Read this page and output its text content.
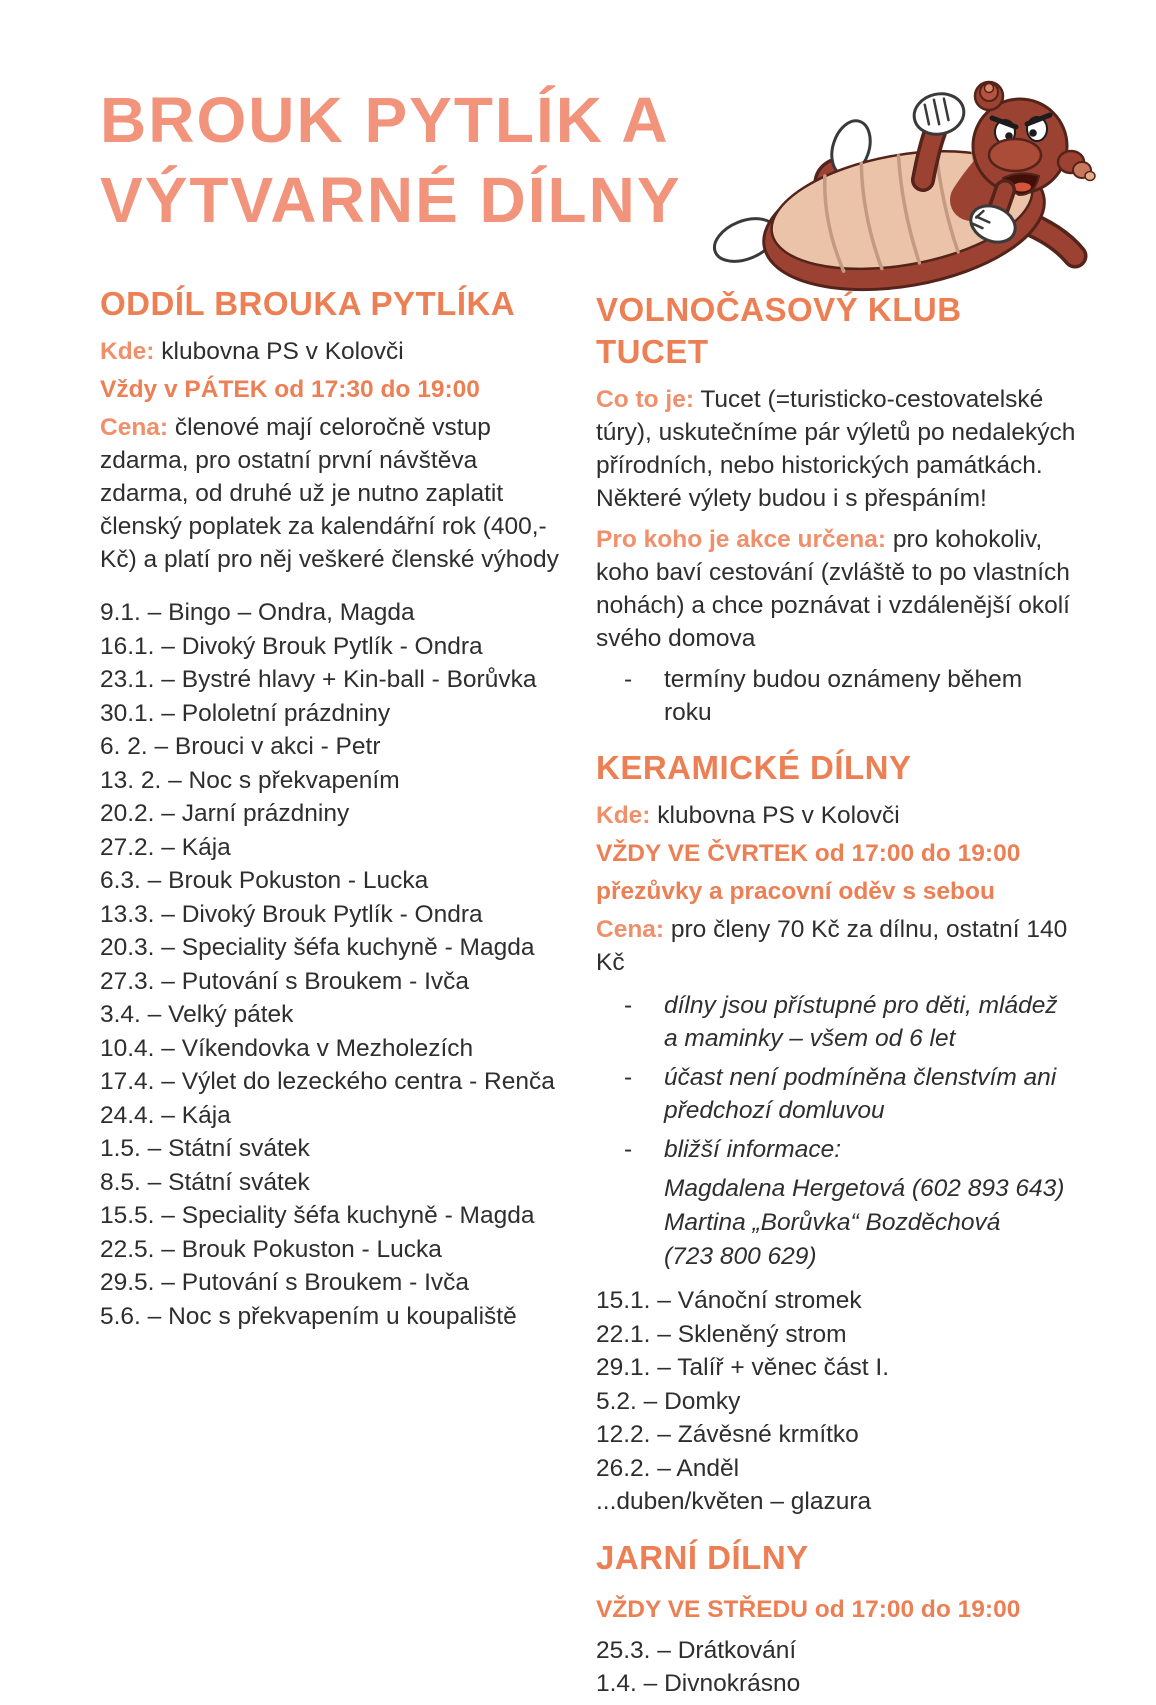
BROUK PYTLÍK A
VÝTVARNÉ DÍLNY
ODDÍL BROUKA PYTLÍKA

Kde: klubovna PS v Kolovči

Vždy v PÁTEK od 17:30 do 19:00

Cena: členové mají celoročně vstup zdarma, pro ostatní první návštěva zdarma, od druhé už je nutno zaplatit členský poplatek za kalendářní rok (400,- Kč) a platí pro něj veškeré členské výhody

9.1. – Bingo – Ondra, Magda
16.1. – Divoký Brouk Pytlík - Ondra
23.1. – Bystré hlavy + Kin-ball - Borůvka
30.1. – Pololetní prázdniny
6. 2. – Brouci v akci - Petr
13. 2. – Noc s překvapením
20.2. – Jarní prázdniny
27.2. – Kája
6.3. – Brouk Pokuston - Lucka
13.3. – Divoký Brouk Pytlík - Ondra
20.3. – Speciality šéfa kuchyně - Magda
27.3. – Putování s Broukem - Ivča
3.4. – Velký pátek
10.4. – Víkendovka v Mezholezích
17.4. – Výlet do lezeckého centra - Renča
24.4. – Kája
1.5. – Státní svátek
8.5. – Státní svátek
15.5. – Speciality šéfa kuchyně - Magda
22.5. – Brouk Pokuston - Lucka
29.5. – Putování s Broukem - Ivča
5.6. – Noc s překvapením u koupaliště
VOLNOČASOVÝ KLUB
TUCET

Co to je: Tucet (=turisticko-cestovatelské túry), uskutečníme pár výletů po nedalekých přírodních, nebo historických památkách. Některé výlety budou i s přespáním!

Pro koho je akce určena: pro kohokoliv, koho baví cestování (zvláště to po vlastních nohách) a chce poznávat i vzdálenější okolí svého domova

- termíny budou oznámeny během roku
KERAMICKÉ DÍLNY

Kde: klubovna PS v Kolovči

VŽDY VE ČVRTEK od 17:00 do 19:00

přezůvky a pracovní oděv s sebou

Cena: pro členy 70 Kč za dílnu, ostatní 140 Kč

- dílny jsou přístupné pro děti, mládež a maminky – všem od 6 let
- účast není podmíněna členstvím ani předchozí domluvou
- bližší informace:
Magdalena Hergetová (602 893 643)
Martina „Borůvka“ Bozděchová
(723 800 629)
15.1. – Vánoční stromek
22.1. – Skleněný strom
29.1. – Talíř + věnec část I.
5.2. – Domky
12.2. – Závěsné krmítko
26.2. – Anděl
...duben/květen – glazura
JARNÍ DÍLNY

VŽDY VE STŘEDU od 17:00 do 19:00

25.3. – Drátkování
1.4. – Divnokrásno
